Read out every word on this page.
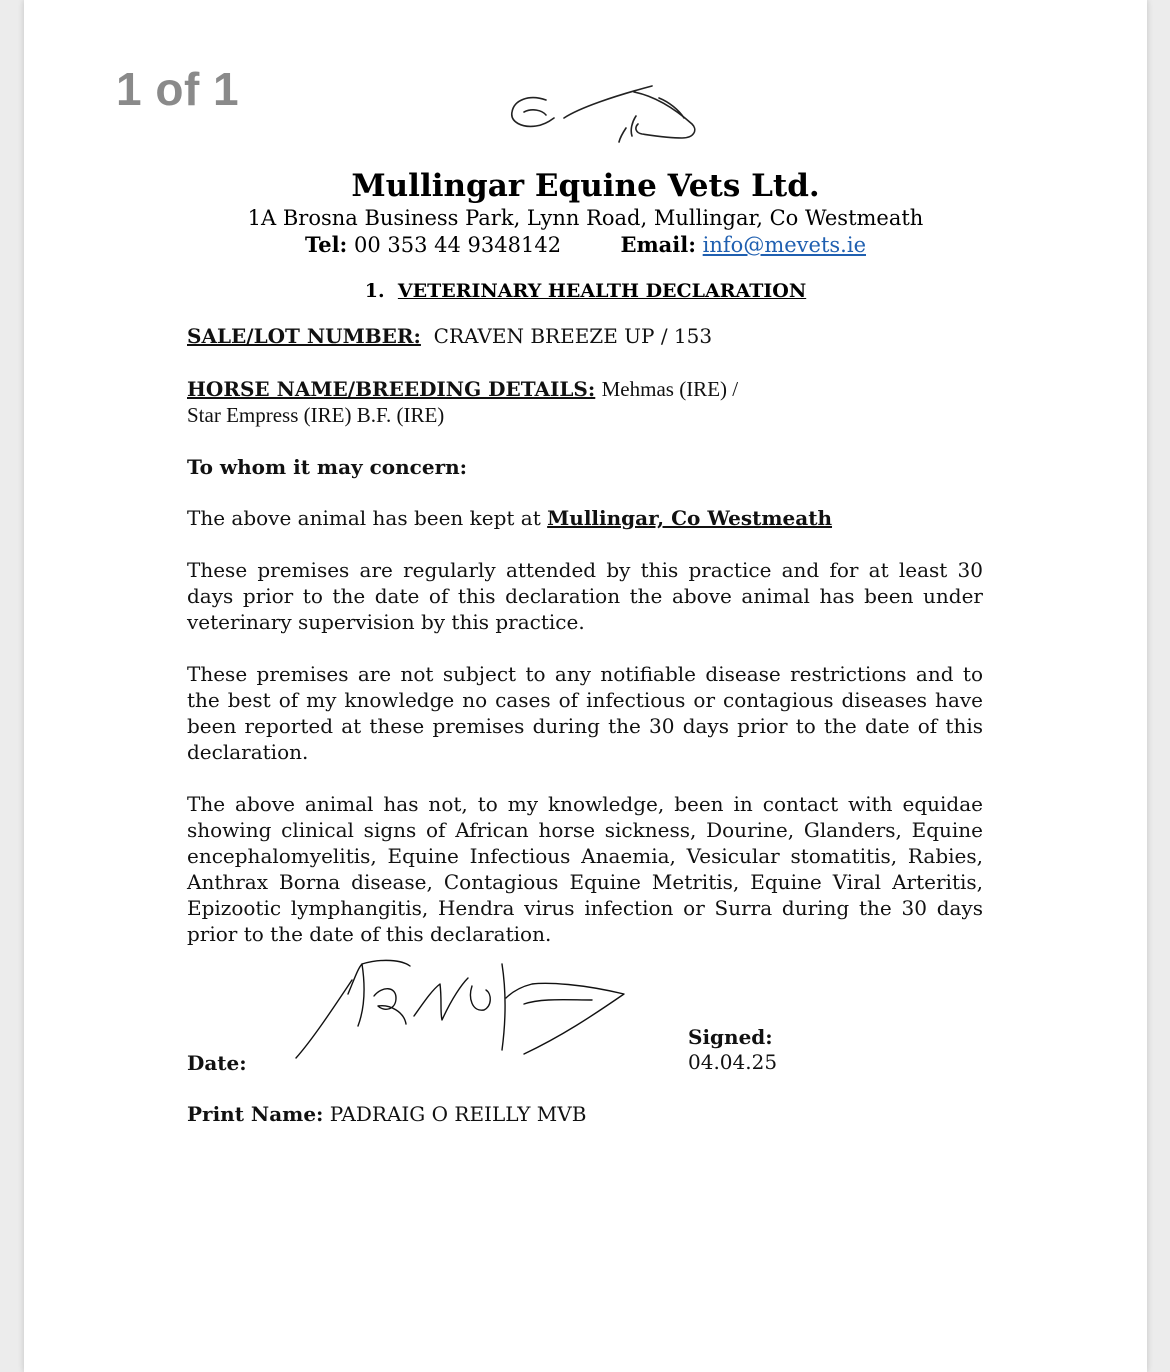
1 of 1
Mullingar Equine Vets Ltd.
1A Brosna Business Park, Lynn Road, Mullingar, Co Westmeath
Tel: 00 353 44 9348142	Email: info@mevets.ie
1. VETERINARY HEALTH DECLARATION
SALE/LOT NUMBER: CRAVEN BREEZE UP / 153
HORSE NAME/BREEDING DETAILS: Mehmas (IRE) /
Star Empress (IRE) B.F. (IRE)
To whom it may concern:
The above animal has been kept at Mullingar, Co Westmeath
These premises are regularly attended by this practice and for at least 30 days prior to the date of this declaration the above animal has been under veterinary supervision by this practice.
These premises are not subject to any notifiable disease restrictions and to the best of my knowledge no cases of infectious or contagious diseases have been reported at these premises during the 30 days prior to the date of this declaration.
The above animal has not, to my knowledge, been in contact with equidae showing clinical signs of African horse sickness, Dourine, Glanders, Equine encephalomyelitis, Equine Infectious Anaemia, Vesicular stomatitis, Rabies, Anthrax Borna disease, Contagious Equine Metritis, Equine Viral Arteritis, Epizootic lymphangitis, Hendra virus infection or Surra during the 30 days prior to the date of this declaration.
Date:
Signed:
04.04.25
Print Name: PADRAIG O REILLY MVB
